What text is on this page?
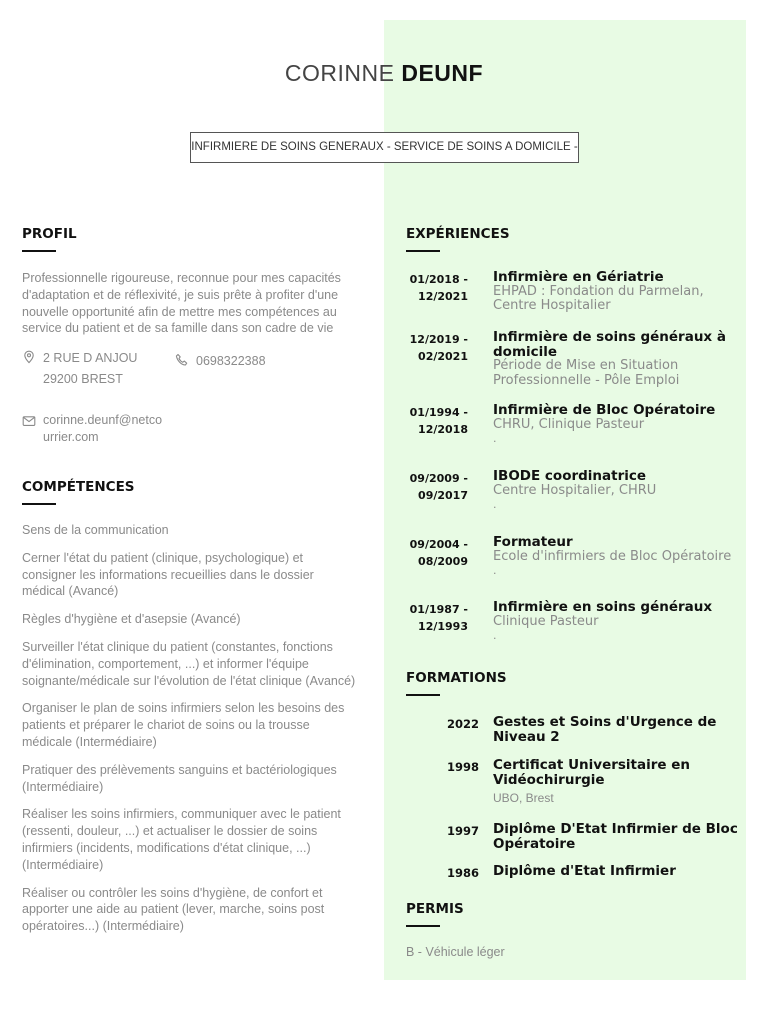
CORINNE DEUNF
INFIRMIERE DE SOINS GENERAUX - SERVICE DE SOINS A DOMICILE -
PROFIL
Professionnelle rigoureuse, reconnue pour mes capacités d'adaptation et de réflexivité, je suis prête à profiter d'une nouvelle opportunité afin de mettre mes compétences au service du patient et de sa famille dans son cadre de vie
2 RUE D ANJOU
29200 BREST
0698322388
corinne.deunf@netco
urrier.com
COMPÉTENCES
Sens de la communication
Cerner l'état du patient (clinique, psychologique) et consigner les informations recueillies dans le dossier médical (Avancé)
Règles d'hygiène et d'asepsie (Avancé)
Surveiller l'état clinique du patient (constantes, fonctions d'élimination, comportement, ...) et informer l'équipe soignante/médicale sur l'évolution de l'état clinique (Avancé)
Organiser le plan de soins infirmiers selon les besoins des patients et préparer le chariot de soins ou la trousse médicale (Intermédiaire)
Pratiquer des prélèvements sanguins et bactériologiques (Intermédiaire)
Réaliser les soins infirmiers, communiquer avec le patient (ressenti, douleur, ...) et actualiser le dossier de soins infirmiers (incidents, modifications d'état clinique, ...) (Intermédiaire)
Réaliser ou contrôler les soins d'hygiène, de confort et apporter une aide au patient (lever, marche, soins post opératoires...) (Intermédiaire)
EXPÉRIENCES
01/2018 -
12/2021
Infirmière en Gériatrie
EHPAD : Fondation du Parmelan, Centre Hospitalier
12/2019 -
02/2021
Infirmière de soins généraux à domicile
Période de Mise en Situation Professionnelle - Pôle Emploi
01/1994 -
12/2018
Infirmière de Bloc Opératoire
CHRU, Clinique Pasteur
.
09/2009 -
09/2017
IBODE coordinatrice
Centre Hospitalier, CHRU
.
09/2004 -
08/2009
Formateur
Ecole d'infirmiers de Bloc Opératoire
.
01/1987 -
12/1993
Infirmière en soins généraux
Clinique Pasteur
.
FORMATIONS
2022 Gestes et Soins d'Urgence de Niveau 2
1998 Certificat Universitaire en Vidéochirurgie
UBO, Brest
1997 Diplôme D'Etat Infirmier de Bloc Opératoire
1986 Diplôme d'Etat Infirmier
PERMIS
B - Véhicule léger
